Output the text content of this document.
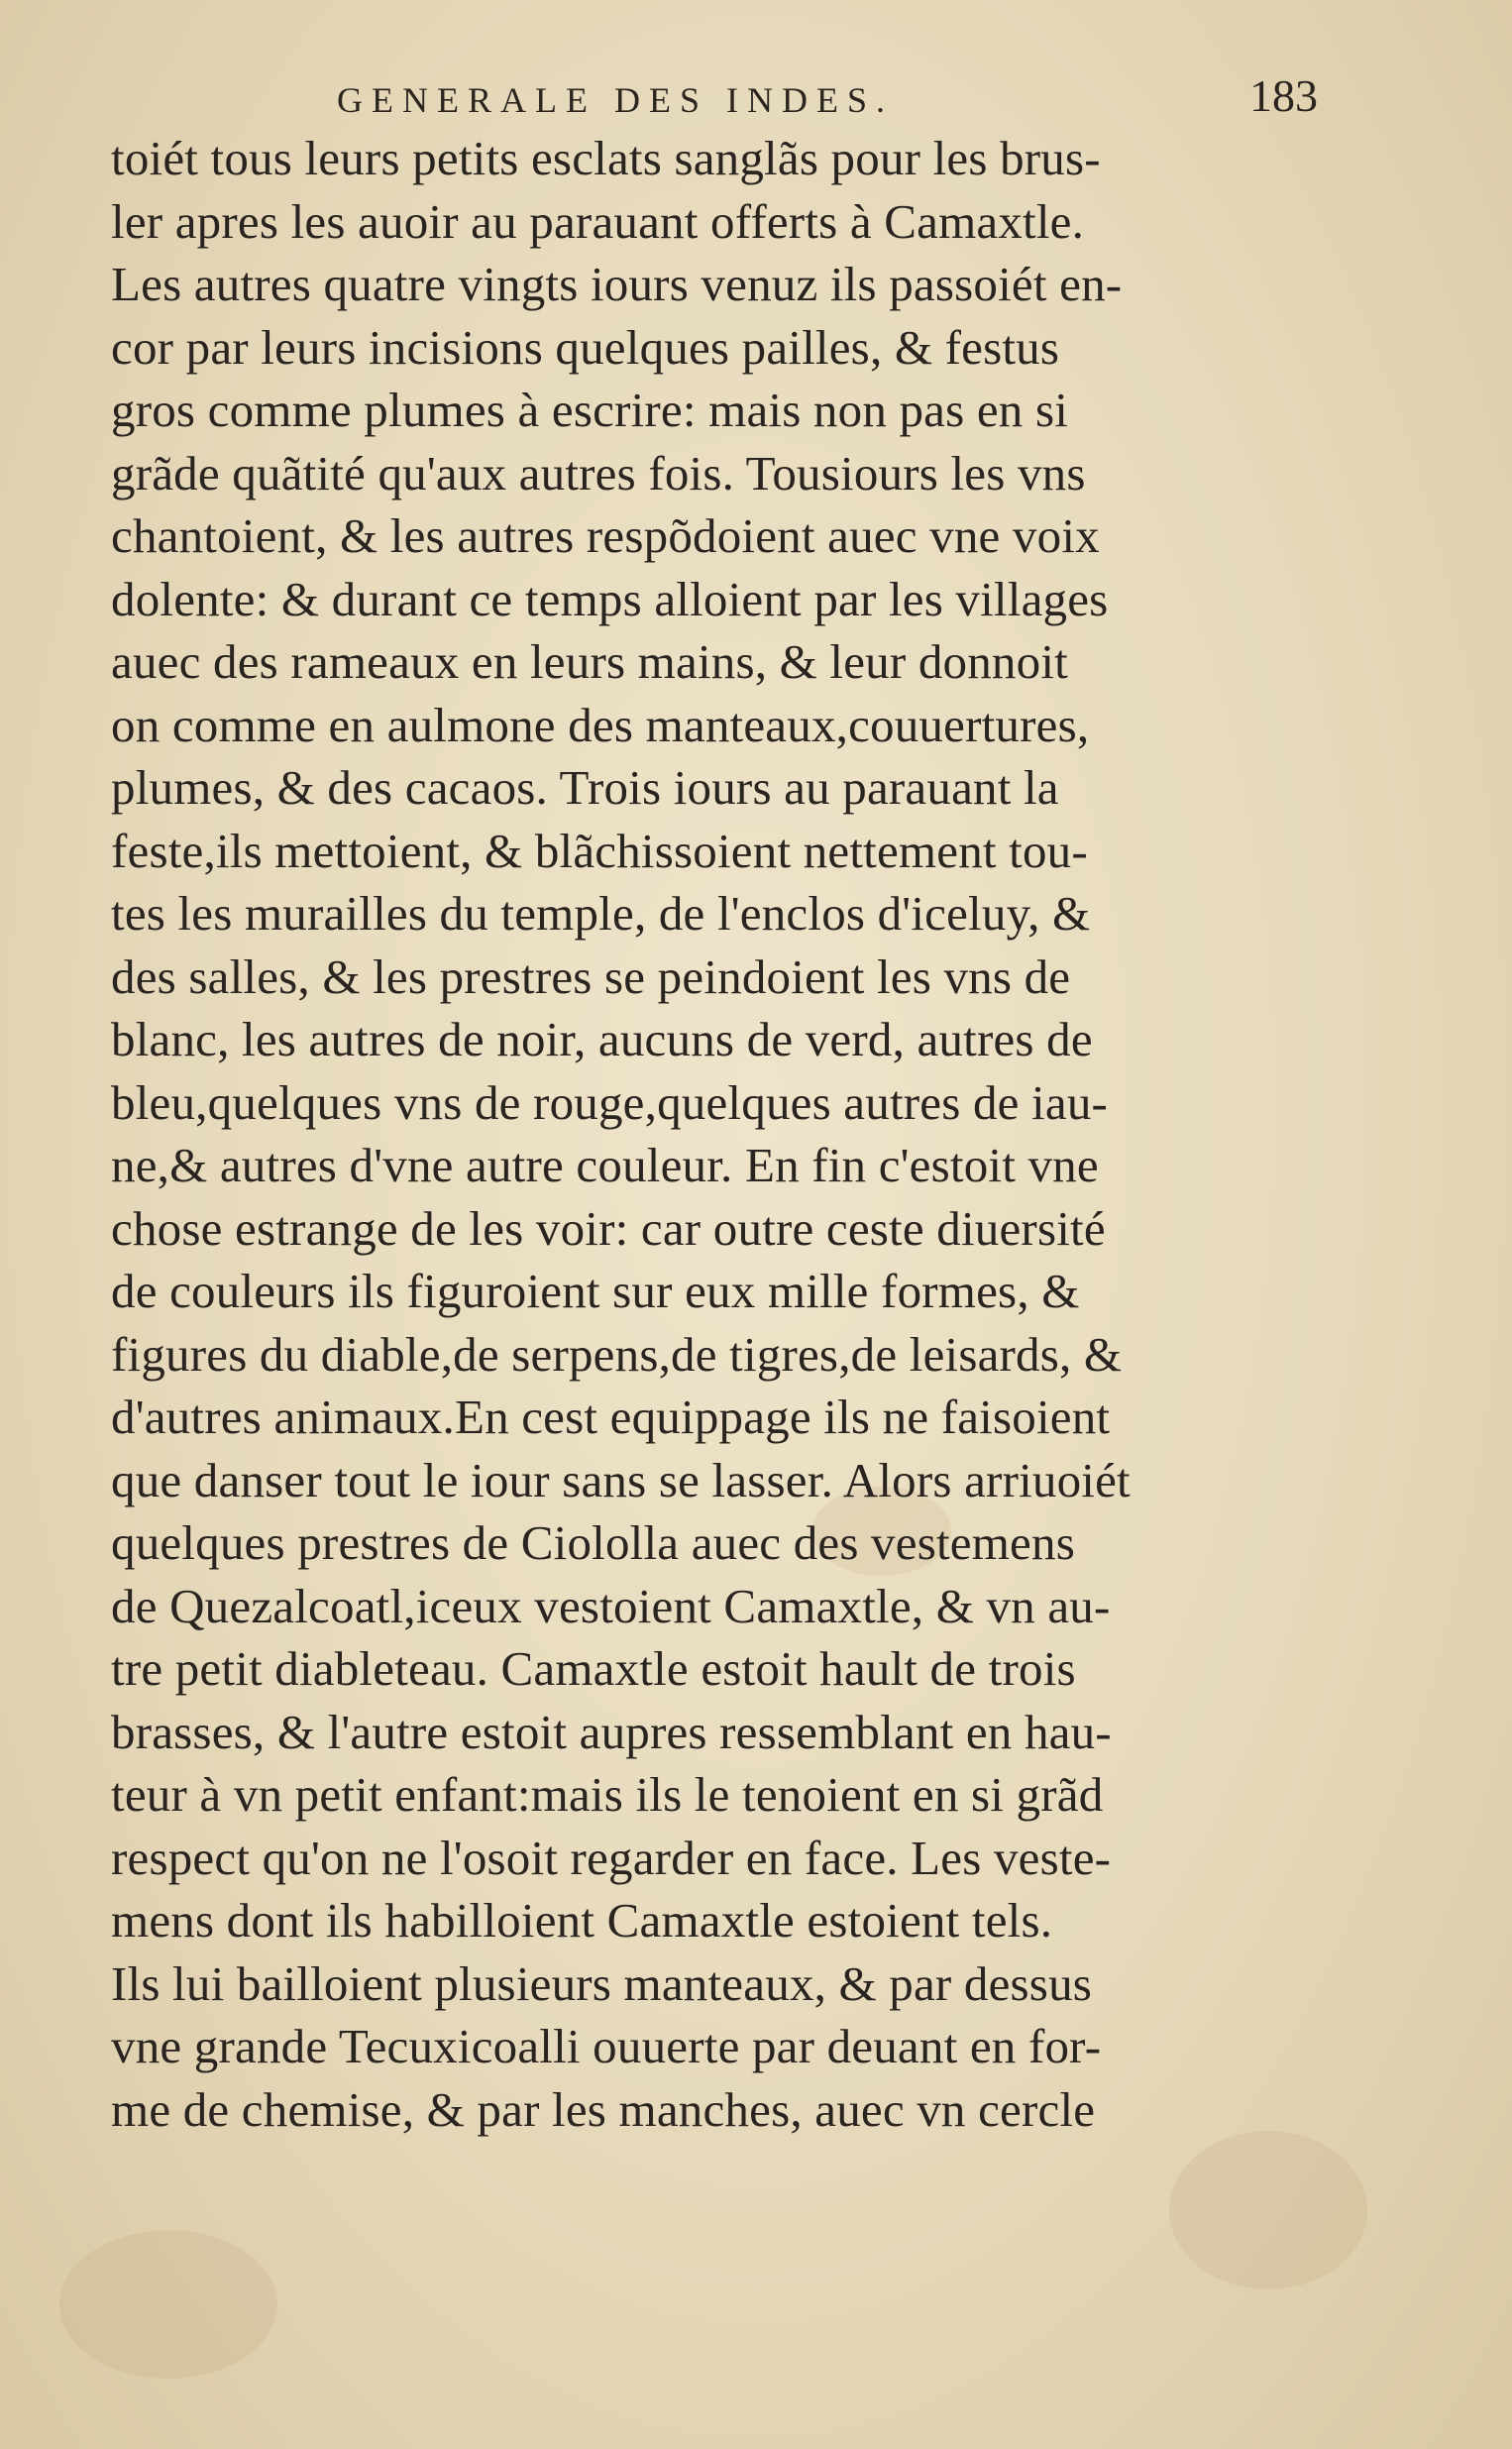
GENERALE DES INDES.	183
toiét tous leurs petits esclats sanglãs pour les brus-
ler apres les auoir au parauant offerts à Camaxtle.
Les autres quatre vingts iours venuz ils passoiét en-
cor par leurs incisions quelques pailles, & festus
gros comme plumes à escrire: mais non pas en si
grãde quãtité qu'aux autres fois. Tousiours les vns
chantoient, & les autres respõdoient auec vne voix
dolente: & durant ce temps alloient par les villages
auec des rameaux en leurs mains, & leur donnoit
on comme en aulmone des manteaux,couuertures,
plumes, & des cacaos. Trois iours au parauant la
feste,ils mettoient, & blãchissoient nettement tou-
tes les murailles du temple, de l'enclos d'iceluy, &
des salles, & les prestres se peindoient les vns de
blanc, les autres de noir, aucuns de verd, autres de
bleu,quelques vns de rouge,quelques autres de iau-
ne,& autres d'vne autre couleur. En fin c'estoit vne
chose estrange de les voir: car outre ceste diuersité
de couleurs ils figuroient sur eux mille formes, &
figures du diable,de serpens,de tigres,de leisards, &
d'autres animaux.En cest equippage ils ne faisoient
que danser tout le iour sans se lasser. Alors arriuoiét
quelques prestres de Ciololla auec des vestemens
de Quezalcoatl,iceux vestoient Camaxtle, & vn au-
tre petit diableteau. Camaxtle estoit hault de trois
brasses, & l'autre estoit aupres ressemblant en hau-
teur à vn petit enfant:mais ils le tenoient en si grãd
respect qu'on ne l'osoit regarder en face. Les veste-
mens dont ils habilloient Camaxtle estoient tels.
Ils lui bailloient plusieurs manteaux, & par dessus
vne grande Tecuxicoalli ouuerte par deuant en for-
me de chemise, & par les manches, auec vn cercle
